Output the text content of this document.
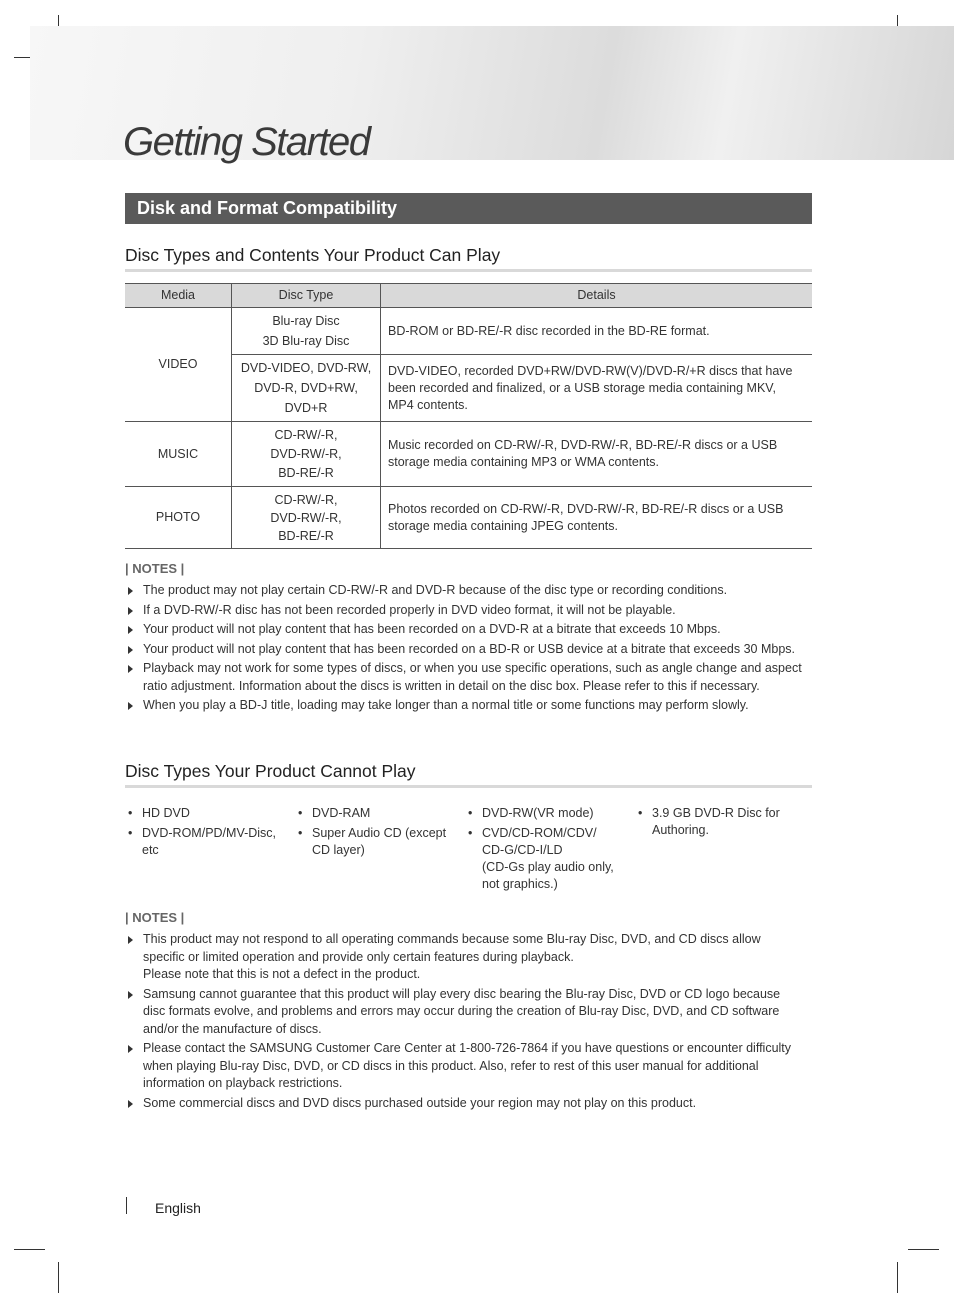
Getting Started
Disk and Format Compatibility
Disc Types and Contents Your Product Can Play
Media	Disc Type	Details
VIDEO	Blu-ray Disc
3D Blu-ray Disc	BD-ROM or BD-RE/-R disc recorded in the BD-RE format.

	DVD-VIDEO, DVD-RW,
DVD-R, DVD+RW,
DVD+R	DVD-VIDEO, recorded DVD+RW/DVD-RW(V)/DVD-R/+R discs that have been recorded and finalized, or a USB storage media containing MKV, MP4 contents.
MUSIC	CD-RW/-R,
DVD-RW/-R,
BD-RE/-R	Music recorded on CD-RW/-R, DVD-RW/-R, BD-RE/-R discs or a USB storage media containing MP3 or WMA contents.
PHOTO	CD-RW/-R,
DVD-RW/-R,
BD-RE/-R	Photos recorded on CD-RW/-R, DVD-RW/-R, BD-RE/-R discs or a USB storage media containing JPEG contents.
| NOTES |
The product may not play certain CD-RW/-R and DVD-R because of the disc type or recording conditions.
If a DVD-RW/-R disc has not been recorded properly in DVD video format, it will not be playable.
Your product will not play content that has been recorded on a DVD-R at a bitrate that exceeds 10 Mbps.
Your product will not play content that has been recorded on a BD-R or USB device at a bitrate that exceeds 30 Mbps.
Playback may not work for some types of discs, or when you use specific operations, such as angle change and aspect ratio adjustment. Information about the discs is written in detail on the disc box. Please refer to this if necessary.
When you play a BD-J title, loading may take longer than a normal title or some functions may perform slowly.
Disc Types Your Product Cannot Play
• HD DVD
• DVD-ROM/PD/MV-Disc, etc
• DVD-RAM
• Super Audio CD (except CD layer)
• DVD-RW(VR mode)
• CVD/CD-ROM/CDV/ CD-G/CD-I/LD
(CD-Gs play audio only, not graphics.)
• 3.9 GB DVD-R Disc for Authoring.
| NOTES |
This product may not respond to all operating commands because some Blu-ray Disc, DVD, and CD discs allow specific or limited operation and provide only certain features during playback.
Please note that this is not a defect in the product.
Samsung cannot guarantee that this product will play every disc bearing the Blu-ray Disc, DVD or CD logo because disc formats evolve, and problems and errors may occur during the creation of Blu-ray Disc, DVD, and CD software and/or the manufacture of discs.
Please contact the SAMSUNG Customer Care Center at 1-800-726-7864 if you have questions or encounter difficulty when playing Blu-ray Disc, DVD, or CD discs in this product. Also, refer to rest of this user manual for additional information on playback restrictions.
Some commercial discs and DVD discs purchased outside your region may not play on this product.
English
